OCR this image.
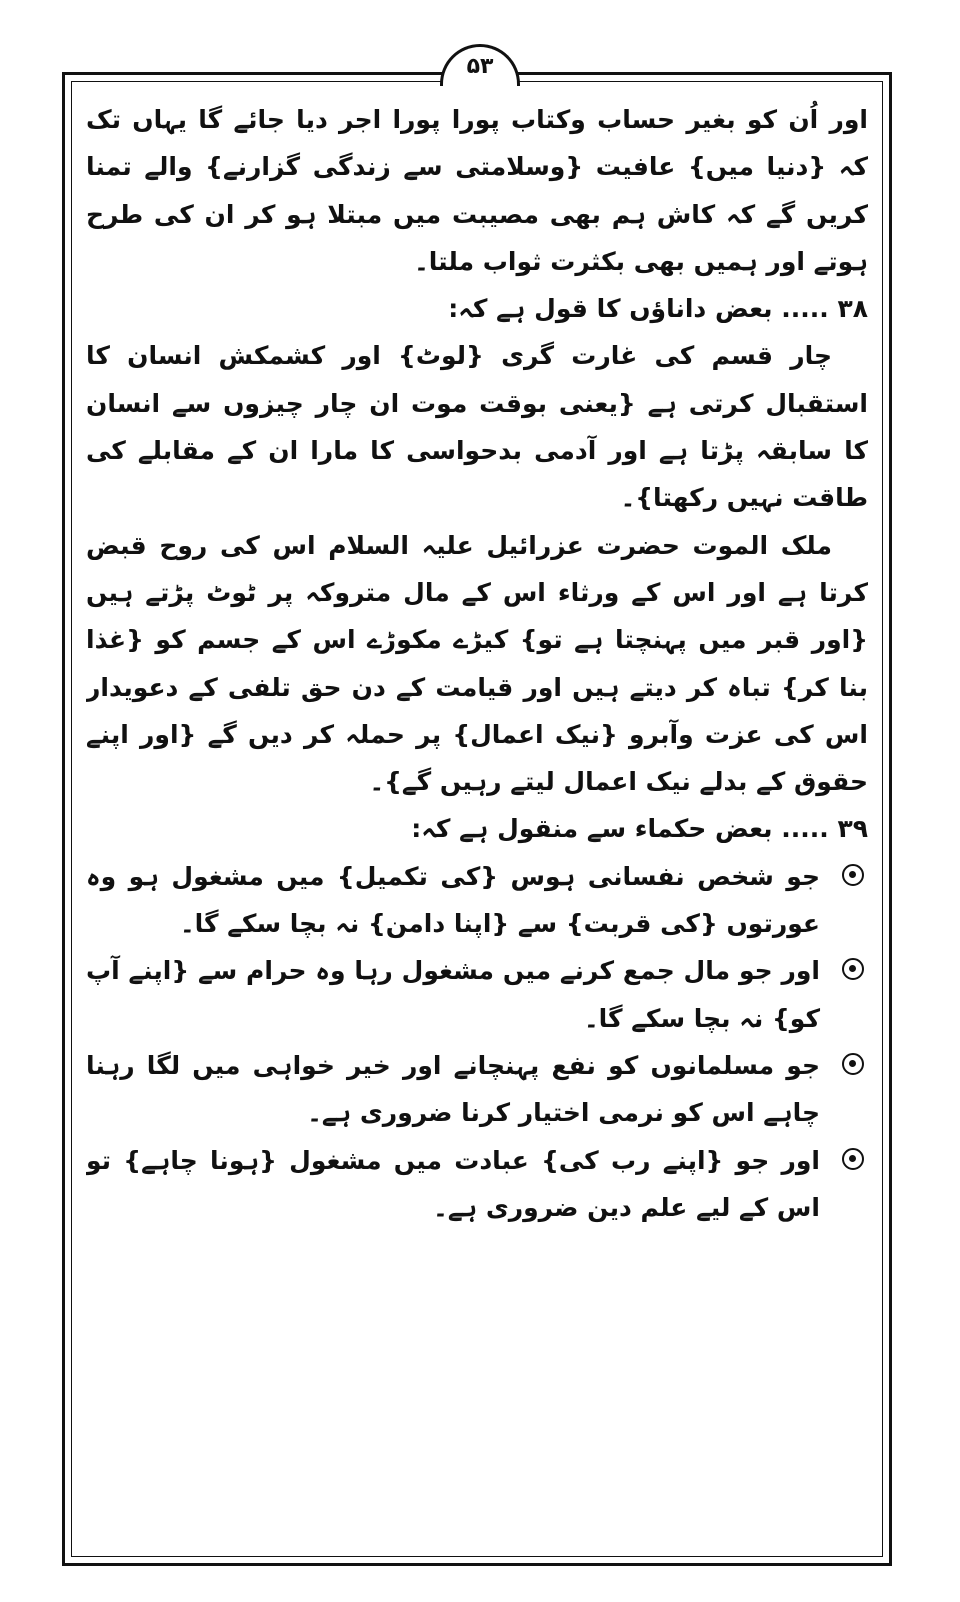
۵۳

اور اُن کو بغیر حساب وکتاب پورا پورا اجر دیا جائے گا یہاں تک کہ {دنیا میں} عافیت {وسلامتی سے زندگی گزارنے} والے تمنا کریں گے کہ کاش ہم بھی مصیبت میں مبتلا ہو کر ان کی طرح ہوتے اور ہمیں بھی بکثرت ثواب ملتا۔

۳۸ ..... بعض داناؤں کا قول ہے کہ:

چار قسم کی غارت گری {لوٹ} اور کشمکش انسان کا استقبال کرتی ہے {یعنی بوقت موت ان چار چیزوں سے انسان کا سابقہ پڑتا ہے اور آدمی بدحواسی کا مارا ان کے مقابلے کی طاقت نہیں رکھتا}۔

ملک الموت حضرت عزرائیل علیہ السلام اس کی روح قبض کرتا ہے اور اس کے ورثاء اس کے مال متروکہ پر ٹوٹ پڑتے ہیں {اور قبر میں پہنچتا ہے تو} کیڑے مکوڑے اس کے جسم کو {غذا بنا کر} تباہ کر دیتے ہیں اور قیامت کے دن حق تلفی کے دعویدار اس کی عزت وآبرو {نیک اعمال} پر حملہ کر دیں گے {اور اپنے حقوق کے بدلے نیک اعمال لیتے رہیں گے}۔

۳۹ ..... بعض حکماء سے منقول ہے کہ:

جو شخص نفسانی ہوس {کی تکمیل} میں مشغول ہو وہ عورتوں {کی قربت} سے {اپنا دامن} نہ بچا سکے گا۔
اور جو مال جمع کرنے میں مشغول رہا وہ حرام سے {اپنے آپ کو} نہ بچا سکے گا۔
جو مسلمانوں کو نفع پہنچانے اور خیر خواہی میں لگا رہنا چاہے اس کو نرمی اختیار کرنا ضروری ہے۔
اور جو {اپنے رب کی} عبادت میں مشغول {ہونا چاہے} تو اس کے لیے علم دین ضروری ہے۔
